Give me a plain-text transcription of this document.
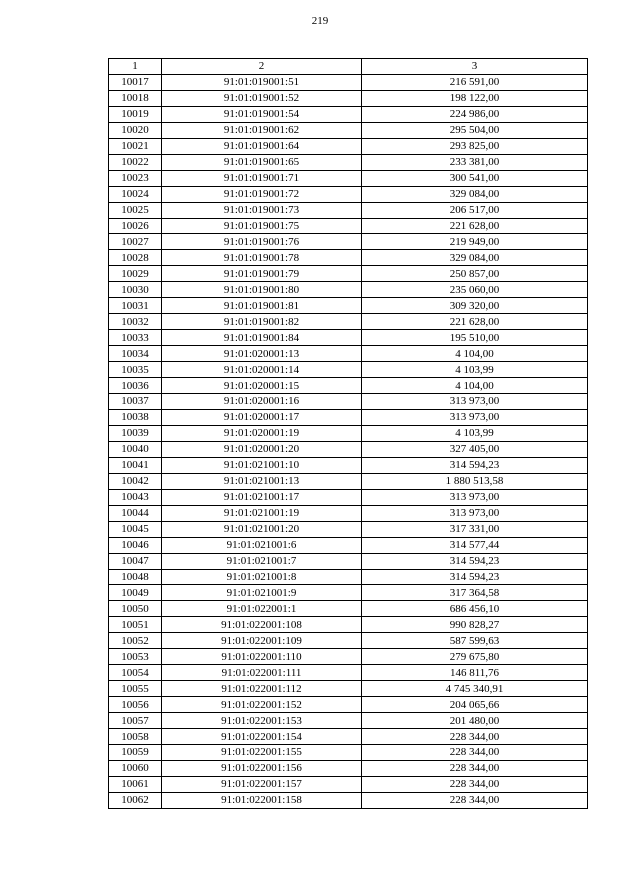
219
1	2	3
10017	91:01:019001:51	216 591,00
10018	91:01:019001:52	198 122,00
10019	91:01:019001:54	224 986,00
10020	91:01:019001:62	295 504,00
10021	91:01:019001:64	293 825,00
10022	91:01:019001:65	233 381,00
10023	91:01:019001:71	300 541,00
10024	91:01:019001:72	329 084,00
10025	91:01:019001:73	206 517,00
10026	91:01:019001:75	221 628,00
10027	91:01:019001:76	219 949,00
10028	91:01:019001:78	329 084,00
10029	91:01:019001:79	250 857,00
10030	91:01:019001:80	235 060,00
10031	91:01:019001:81	309 320,00
10032	91:01:019001:82	221 628,00
10033	91:01:019001:84	195 510,00
10034	91:01:020001:13	4 104,00
10035	91:01:020001:14	4 103,99
10036	91:01:020001:15	4 104,00
10037	91:01:020001:16	313 973,00
10038	91:01:020001:17	313 973,00
10039	91:01:020001:19	4 103,99
10040	91:01:020001:20	327 405,00
10041	91:01:021001:10	314 594,23
10042	91:01:021001:13	1 880 513,58
10043	91:01:021001:17	313 973,00
10044	91:01:021001:19	313 973,00
10045	91:01:021001:20	317 331,00
10046	91:01:021001:6	314 577,44
10047	91:01:021001:7	314 594,23
10048	91:01:021001:8	314 594,23
10049	91:01:021001:9	317 364,58
10050	91:01:022001:1	686 456,10
10051	91:01:022001:108	990 828,27
10052	91:01:022001:109	587 599,63
10053	91:01:022001:110	279 675,80
10054	91:01:022001:111	146 811,76
10055	91:01:022001:112	4 745 340,91
10056	91:01:022001:152	204 065,66
10057	91:01:022001:153	201 480,00
10058	91:01:022001:154	228 344,00
10059	91:01:022001:155	228 344,00
10060	91:01:022001:156	228 344,00
10061	91:01:022001:157	228 344,00
10062	91:01:022001:158	228 344,00
